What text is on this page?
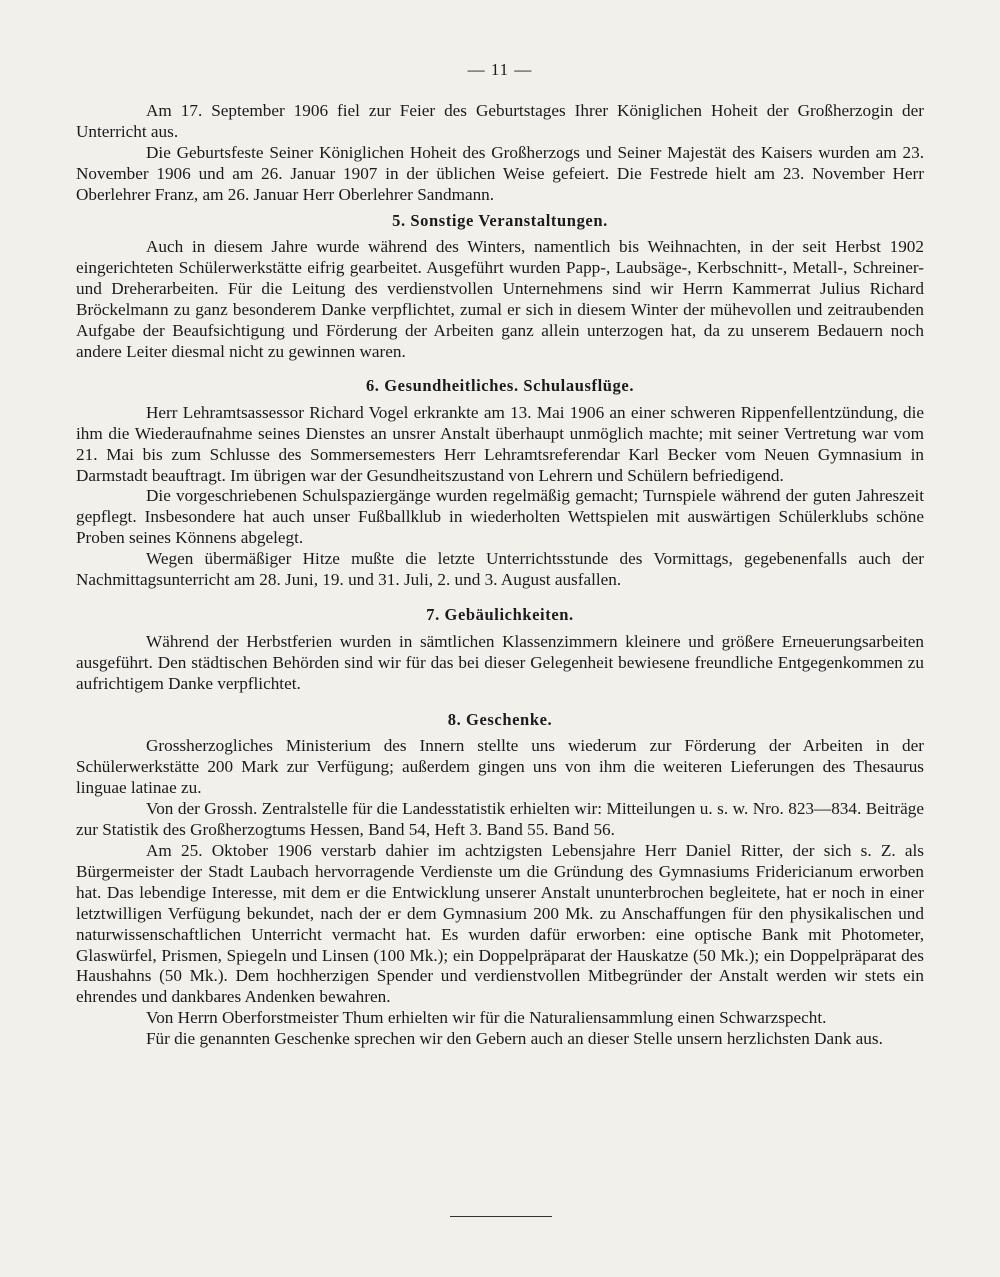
— 11 —

Am 17. September 1906 fiel zur Feier des Geburtstages Ihrer Königlichen Hoheit der Großherzogin der Unterricht aus.

Die Geburtsfeste Seiner Königlichen Hoheit des Großherzogs und Seiner Majestät des Kaisers wurden am 23. November 1906 und am 26. Januar 1907 in der üblichen Weise gefeiert. Die Festrede hielt am 23. November Herr Oberlehrer Franz, am 26. Januar Herr Oberlehrer Sandmann.

5. Sonstige Veranstaltungen.

Auch in diesem Jahre wurde während des Winters, namentlich bis Weihnachten, in der seit Herbst 1902 eingerichteten Schülerwerkstätte eifrig gearbeitet. Ausgeführt wurden Papp-, Laubsäge-, Kerbschnitt-, Metall-, Schreiner- und Dreherarbeiten. Für die Leitung des verdienstvollen Unternehmens sind wir Herrn Kammerrat Julius Richard Bröckelmann zu ganz besonderem Danke verpflichtet, zumal er sich in diesem Winter der mühevollen und zeitraubenden Aufgabe der Beaufsichtigung und Förderung der Arbeiten ganz allein unterzogen hat, da zu unserem Bedauern noch andere Leiter diesmal nicht zu gewinnen waren.

6. Gesundheitliches. Schulausflüge.

Herr Lehramtsassessor Richard Vogel erkrankte am 13. Mai 1906 an einer schweren Rippenfellentzündung, die ihm die Wiederaufnahme seines Dienstes an unsrer Anstalt überhaupt unmöglich machte; mit seiner Vertretung war vom 21. Mai bis zum Schlusse des Sommersemesters Herr Lehramtsreferendar Karl Becker vom Neuen Gymnasium in Darmstadt beauftragt. Im übrigen war der Gesundheitszustand von Lehrern und Schülern befriedigend.

Die vorgeschriebenen Schulspaziergänge wurden regelmäßig gemacht; Turnspiele während der guten Jahreszeit gepflegt. Insbesondere hat auch unser Fußballklub in wiederholten Wettspielen mit auswärtigen Schülerklubs schöne Proben seines Könnens abgelegt.

Wegen übermäßiger Hitze mußte die letzte Unterrichtsstunde des Vormittags, gegebenenfalls auch der Nachmittagsunterricht am 28. Juni, 19. und 31. Juli, 2. und 3. August ausfallen.

7. Gebäulichkeiten.

Während der Herbstferien wurden in sämtlichen Klassenzimmern kleinere und größere Erneuerungsarbeiten ausgeführt. Den städtischen Behörden sind wir für das bei dieser Gelegenheit bewiesene freundliche Entgegenkommen zu aufrichtigem Danke verpflichtet.

8. Geschenke.

Grossherzogliches Ministerium des Innern stellte uns wiederum zur Förderung der Arbeiten in der Schülerwerkstätte 200 Mark zur Verfügung; außerdem gingen uns von ihm die weiteren Lieferungen des Thesaurus linguae latinae zu.

Von der Grossh. Zentralstelle für die Landesstatistik erhielten wir: Mitteilungen u. s. w. Nro. 823—834. Beiträge zur Statistik des Großherzogtums Hessen, Band 54, Heft 3. Band 55. Band 56.

Am 25. Oktober 1906 verstarb dahier im achtzigsten Lebensjahre Herr Daniel Ritter, der sich s. Z. als Bürgermeister der Stadt Laubach hervorragende Verdienste um die Gründung des Gymnasiums Fridericianum erworben hat. Das lebendige Interesse, mit dem er die Entwicklung unserer Anstalt ununterbrochen begleitete, hat er noch in einer letztwilligen Verfügung bekundet, nach der er dem Gymnasium 200 Mk. zu Anschaffungen für den physikalischen und naturwissenschaftlichen Unterricht vermacht hat. Es wurden dafür erworben: eine optische Bank mit Photometer, Glaswürfel, Prismen, Spiegeln und Linsen (100 Mk.); ein Doppelpräparat der Hauskatze (50 Mk.); ein Doppelpräparat des Haushahns (50 Mk.). Dem hochherzigen Spender und verdienstvollen Mitbegründer der Anstalt werden wir stets ein ehrendes und dankbares Andenken bewahren.

Von Herrn Oberforstmeister Thum erhielten wir für die Naturaliensammlung einen Schwarzspecht.

Für die genannten Geschenke sprechen wir den Gebern auch an dieser Stelle unsern herzlichsten Dank aus.
